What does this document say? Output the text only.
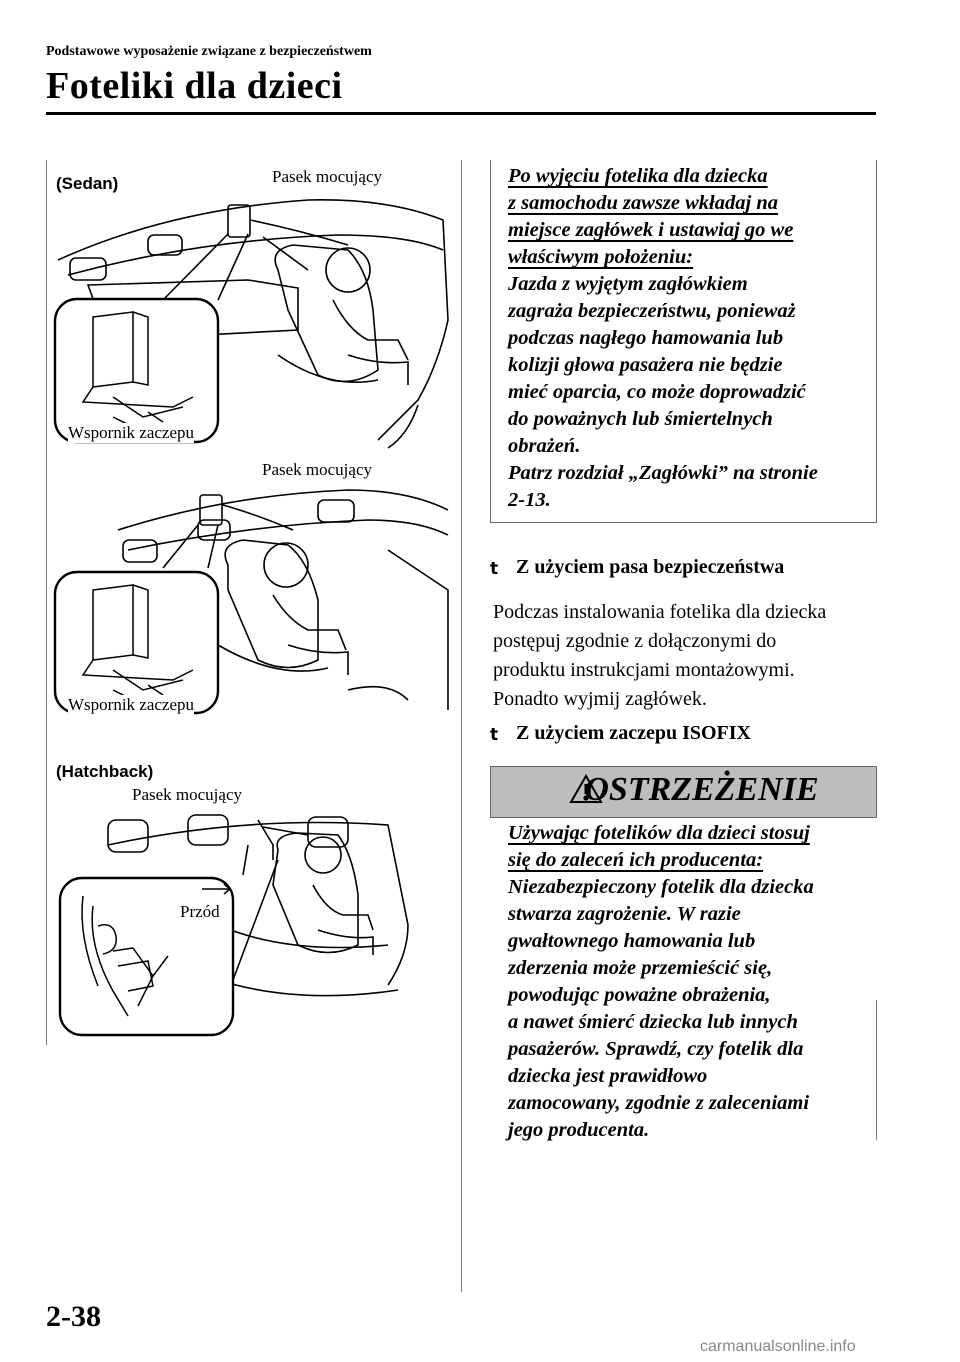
Podstawowe wyposażenie związane z bezpieczeństwem
Foteliki dla dzieci
(Sedan)	Pasek mocujący
Wspornik zaczepu
Pasek mocujący
Wspornik zaczepu
(Hatchback)
Pasek mocujący
Przód
Po wyjęciu fotelika dla dziecka
z samochodu zawsze wkładaj na
miejsce zagłówek i ustawiaj go we
właściwym położeniu:
Jazda z wyjętym zagłówkiem
zagraża bezpieczeństwu, ponieważ
podczas nagłego hamowania lub
kolizji głowa pasażera nie będzie
mieć oparcia, co może doprowadzić
do poważnych lub śmiertelnych
obrażeń.
Patrz rozdział „Zagłówki” na stronie
2-13.
t Z użyciem pasa bezpieczeństwa
Podczas instalowania fotelika dla dziecka
postępuj zgodnie z dołączonymi do
produktu instrukcjami montażowymi.
Ponadto wyjmij zagłówek.
t Z użyciem zaczepu ISOFIX
OSTRZEŻENIE
Używając fotelików dla dzieci stosuj
się do zaleceń ich producenta:
Niezabezpieczony fotelik dla dziecka
stwarza zagrożenie. W razie
gwałtownego hamowania lub
zderzenia może przemieścić się,
powodując poważne obrażenia,
a nawet śmierć dziecka lub innych
pasażerów. Sprawdź, czy fotelik dla
dziecka jest prawidłowo
zamocowany, zgodnie z zaleceniami
jego producenta.
2-38
carmanualsonline.info
